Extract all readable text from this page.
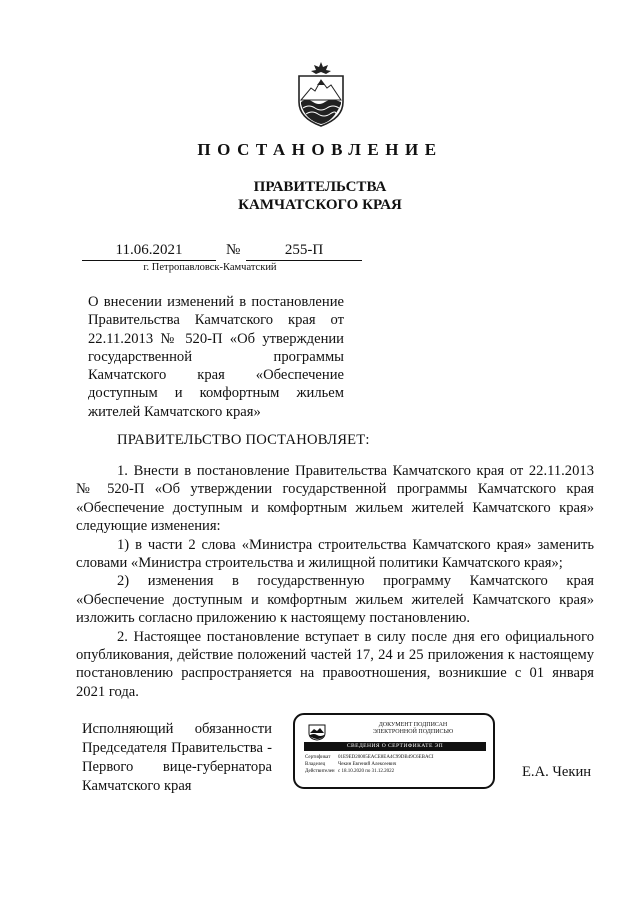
ПОСТАНОВЛЕНИЕ
ПРАВИТЕЛЬСТВА
КАМЧАТСКОГО КРАЯ
11.06.2021	№	255-П
г. Петропавловск-Камчатский
О внесении изменений в постановление
Правительства Камчатского края от
22.11.2013 № 520-П «Об утверждении
государственной программы
Камчатского края «Обеспечение
доступным и комфортным жильем
жителей Камчатского края»
ПРАВИТЕЛЬСТВО ПОСТАНОВЛЯЕТ:

1. Внести в постановление Правительства Камчатского края от 22.11.2013 № 520-П «Об утверждении государственной программы Камчатского края «Обеспечение доступным и комфортным жильем жителей Камчатского края» следующие изменения:

1) в части 2 слова «Министра строительства Камчатского края» заменить словами «Министра строительства и жилищной политики Камчатского края»;

2) изменения в государственную программу Камчатского края «Обеспечение доступным и комфортным жильем жителей Камчатского края» изложить согласно приложению к настоящему постановлению.

2. Настоящее постановление вступает в силу после дня его официального опубликования, действие положений частей 17, 24 и 25 приложения к настоящему постановлению распространяется на правоотношения, возникшие с 01 января 2021 года.

Исполняющий обязанности
Председателя Правительства -
Первого вице-губернатора
Камчатского края
ДОКУМЕНТ ПОДПИСАН
ЭЛЕКТРОННОЙ ПОДПИСЬЮ
СВЕДЕНИЯ О СЕРТИФИКАТЕ ЭП
Сертификат 01E9ED20005EACE8EA4C99DB49C6EBACI
Владелец	Чекин Евгений Алексеевич
Действителен с 18.10.2020 по 31.12.2022	Е.А. Чекин
